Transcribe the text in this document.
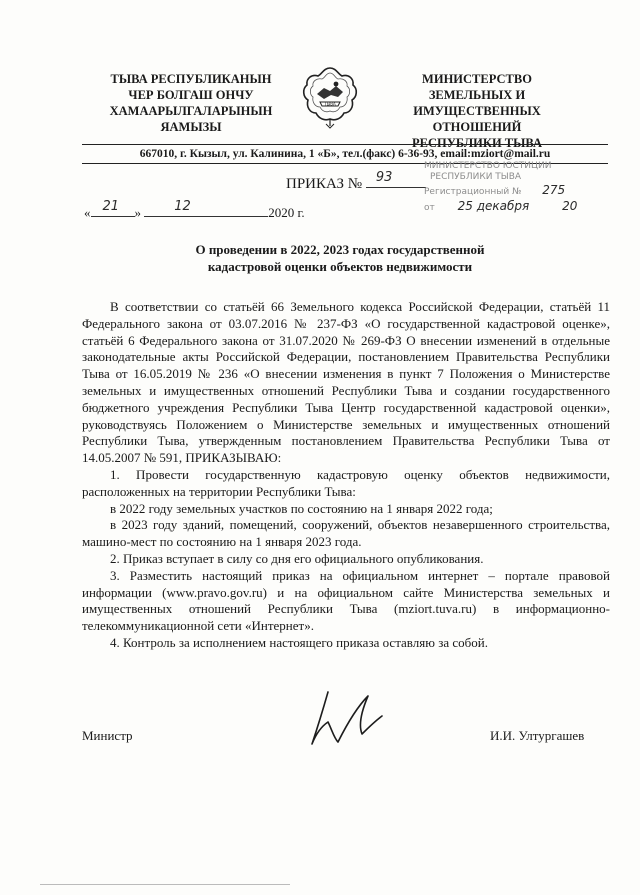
ТЫВА РЕСПУБЛИКАНЫН
ЧЕР БОЛГАШ ОНЧУ
ХАМААРЫЛГАЛАРЫНЫН
ЯАМЫЗЫ
ТЫВА
МИНИСТЕРСТВО
ЗЕМЕЛЬНЫХ И ИМУЩЕСТВЕННЫХ
ОТНОШЕНИЙ
РЕСПУБЛИКИ ТЫВА
667010, г. Кызыл, ул. Калинина, 1 «Б», тел.(факс) 6-36-93, email:mziort@mail.ru
ПРИКАЗ № 93
МИНИСТЕРСТВО ЮСТИЦИИ
РЕСПУБЛИКИ ТЫВА
Регистрационный № 275
от 25 декабря	20
« 21 »	12	2020 г.
О проведении в 2022, 2023 годах государственной
кадастровой оценки объектов недвижимости

В соответствии со статьёй 66 Земельного кодекса Российской Федерации, статьёй 11 Федерального закона от 03.07.2016 № 237-ФЗ «О государственной кадастровой оценке», статьёй 6 Федерального закона от 31.07.2020 № 269-ФЗ О внесении изменений в отдельные законодательные акты Российской Федерации, постановлением Правительства Республики Тыва от 16.05.2019 № 236 «О внесении изменения в пункт 7 Положения о Министерстве земельных и имущественных отношений Республики Тыва и создании государственного бюджетного учреждения Республики Тыва Центр государственной кадастровой оценки», руководствуясь Положением о Министерстве земельных и имущественных отношений Республики Тыва, утвержденным постановлением Правительства Республики Тыва от 14.05.2007 № 591, ПРИКАЗЫВАЮ:

1. Провести государственную кадастровую оценку объектов недвижимости, расположенных на территории Республики Тыва:

в 2022 году земельных участков по состоянию на 1 января 2022 года;

в 2023 году зданий, помещений, сооружений, объектов незавершенного строительства, машино-мест по состоянию на 1 января 2023 года.

2. Приказ вступает в силу со дня его официального опубликования.

3. Разместить настоящий приказ на официальном интернет – портале правовой информации (www.pravo.gov.ru) и на официальном сайте Министерства земельных и имущественных отношений Республики Тыва (mziort.tuva.ru) в информационно-телекоммуникационной сети «Интернет».

4. Контроль за исполнением настоящего приказа оставляю за собой.

Министр	И.И. Ултургашев
